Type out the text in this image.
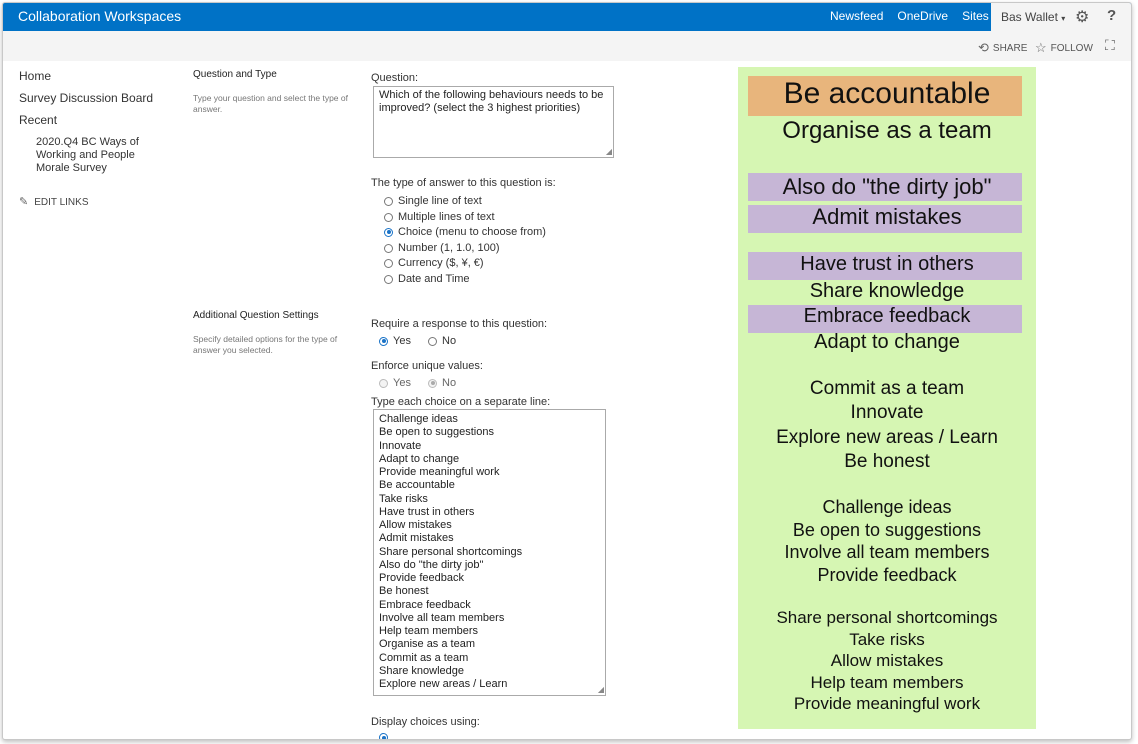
Collaboration Workspaces	Newsfeed OneDrive Sites Bas Wallet ▾ ⚙ ?
⟲ SHARE ☆ FOLLOW ⛶
Home
Survey Discussion Board
Recent
2020.Q4 BC Ways of Working and People Morale Survey
✎ EDIT LINKS
Question and Type
Type your question and select the type of answer.
Question:
Which of the following behaviours needs to be improved? (select the 3 highest priorities)
◢
The type of answer to this question is:
Single line of text
Multiple lines of text
Choice (menu to choose from)
Number (1, 1.0, 100)
Currency ($, ¥, €)
Date and Time
Additional Question Settings
Specify detailed options for the type of answer you selected.
Require a response to this question:
Yes	No
Enforce unique values:
Yes	No
Type each choice on a separate line:
Challenge ideas
Be open to suggestions
Innovate
Adapt to change
Provide meaningful work
Be accountable
Take risks
Have trust in others
Allow mistakes
Admit mistakes
Share personal shortcomings
Also do "the dirty job"
Provide feedback
Be honest
Embrace feedback
Involve all team members
Help team members
Organise as a team
Commit as a team
Share knowledge
Explore new areas / Learn	◢
Display choices using:
Be accountable
Organise as a team
Also do "the dirty job"
Admit mistakes
Have trust in others
Share knowledge
Embrace feedback
Adapt to change
Commit as a team
Innovate
Explore new areas / Learn
Be honest
Challenge ideas
Be open to suggestions
Involve all team members
Provide feedback
Share personal shortcomings
Take risks
Allow mistakes
Help team members
Provide meaningful work
